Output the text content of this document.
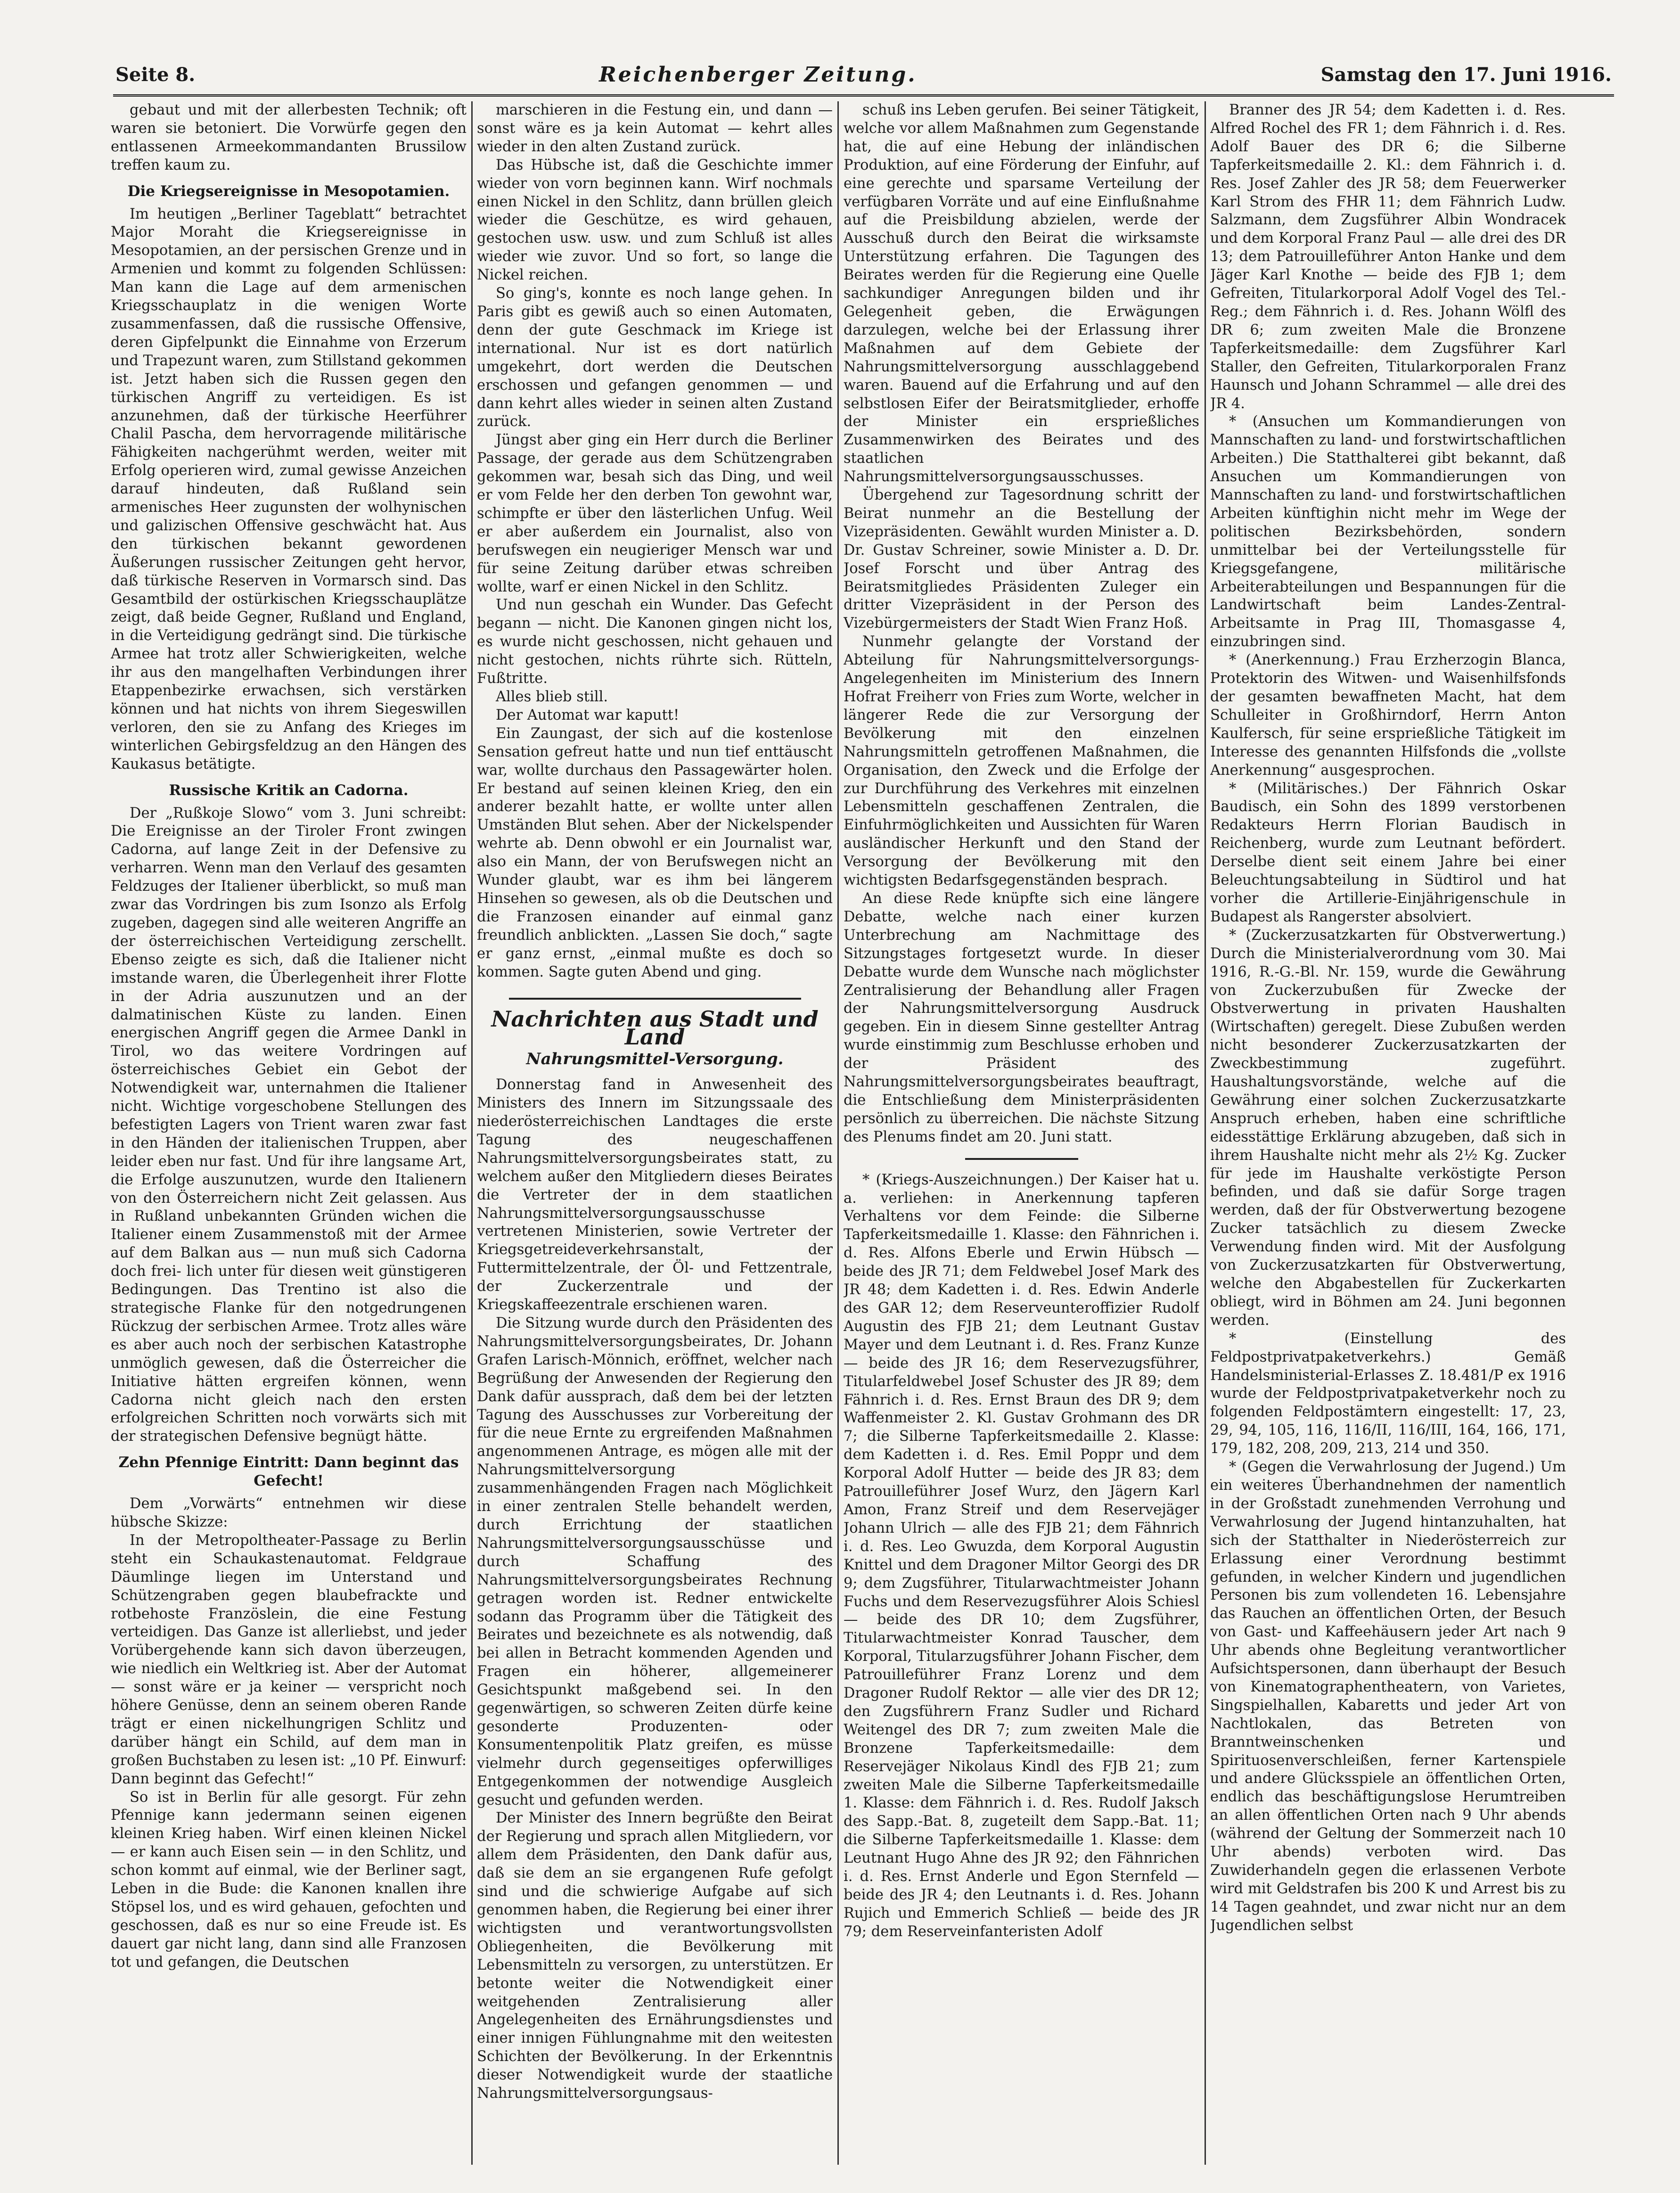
Seite 8.	Reichenberger Zeitung.	Samstag den 17. Juni 1916.

gebaut und mit der allerbesten Technik; oft waren sie betoniert. Die Vorwürfe gegen den entlassenen Armeekommandanten Brussilow treffen kaum zu.

Die Kriegsereignisse in Mesopotamien.

Im heutigen „Berliner Tageblatt“ betrachtet Major Moraht die Kriegsereignisse in Mesopotamien, an der persischen Grenze und in Armenien und kommt zu folgenden Schlüssen: Man kann die Lage auf dem armenischen Kriegsschauplatz in die wenigen Worte zusammenfassen, daß die russische Offensive, deren Gipfelpunkt die Einnahme von Erzerum und Trapezunt waren, zum Stillstand gekommen ist. Jetzt haben sich die Russen gegen den türkischen Angriff zu verteidigen. Es ist anzunehmen, daß der türkische Heerführer Chalil Pascha, dem hervorragende militärische Fähigkeiten nachgerühmt werden, weiter mit Erfolg operieren wird, zumal gewisse Anzeichen darauf hindeuten, daß Rußland sein armenisches Heer zugunsten der wolhynischen und galizischen Offensive geschwächt hat. Aus den türkischen bekannt gewordenen Äußerungen russischer Zeitungen geht hervor, daß türkische Reserven in Vormarsch sind. Das Gesamtbild der ostürkischen Kriegsschauplätze zeigt, daß beide Gegner, Rußland und England, in die Verteidigung gedrängt sind. Die türkische Armee hat trotz aller Schwierigkeiten, welche ihr aus den mangelhaften Verbindungen ihrer Etappenbezirke erwachsen, sich verstärken können und hat nichts von ihrem Siegeswillen verloren, den sie zu Anfang des Krieges im winterlichen Gebirgsfeldzug an den Hängen des Kaukasus betätigte.

Russische Kritik an Cadorna.

Der „Rußkoje Slowo“ vom 3. Juni schreibt: Die Ereignisse an der Tiroler Front zwingen Cadorna, auf lange Zeit in der Defensive zu verharren. Wenn man den Verlauf des gesamten Feldzuges der Italiener überblickt, so muß man zwar das Vordringen bis zum Isonzo als Erfolg zugeben, dagegen sind alle weiteren Angriffe an der österreichischen Verteidigung zerschellt. Ebenso zeigte es sich, daß die Italiener nicht imstande waren, die Überlegenheit ihrer Flotte in der Adria auszunutzen und an der dalmatinischen Küste zu landen. Einen energischen Angriff gegen die Armee Dankl in Tirol, wo das weitere Vordringen auf österreichisches Gebiet ein Gebot der Notwendigkeit war, unternahmen die Italiener nicht. Wichtige vorgeschobene Stellungen des befestigten Lagers von Trient waren zwar fast in den Händen der italienischen Truppen, aber leider eben nur fast. Und für ihre langsame Art, die Erfolge auszunutzen, wurde den Italienern von den Österreichern nicht Zeit gelassen. Aus in Rußland unbekannten Gründen wichen die Italiener einem Zusammenstoß mit der Armee auf dem Balkan aus — nun muß sich Cadorna doch frei- lich unter für diesen weit günstigeren Bedingungen. Das Trentino ist also die strategische Flanke für den notgedrungenen Rückzug der serbischen Armee. Trotz alles wäre es aber auch noch der serbischen Katastrophe unmöglich gewesen, daß die Österreicher die Initiative hätten ergreifen können, wenn Cadorna nicht gleich nach den ersten erfolgreichen Schritten noch vorwärts sich mit der strategischen Defensive begnügt hätte.

Zehn Pfennige Eintritt: Dann beginnt das Gefecht!

Dem „Vorwärts“ entnehmen wir diese hübsche Skizze:

In der Metropoltheater-Passage zu Berlin steht ein Schaukastenautomat. Feldgraue Däumlinge liegen im Unterstand und Schützengraben gegen blaubefrackte und rotbehoste Französlein, die eine Festung verteidigen. Das Ganze ist allerliebst, und jeder Vorübergehende kann sich davon überzeugen, wie niedlich ein Weltkrieg ist. Aber der Automat — sonst wäre er ja keiner — verspricht noch höhere Genüsse, denn an seinem oberen Rande trägt er einen nickelhungrigen Schlitz und darüber hängt ein Schild, auf dem man in großen Buchstaben zu lesen ist: „10 Pf. Einwurf: Dann beginnt das Gefecht!“

So ist in Berlin für alle gesorgt. Für zehn Pfennige kann jedermann seinen eigenen kleinen Krieg haben. Wirf einen kleinen Nickel — er kann auch Eisen sein — in den Schlitz, und schon kommt auf einmal, wie der Berliner sagt, Leben in die Bude: die Kanonen knallen ihre Stöpsel los, und es wird gehauen, gefochten und geschossen, daß es nur so eine Freude ist. Es dauert gar nicht lang, dann sind alle Franzosen tot und gefangen, die Deutschen

marschieren in die Festung ein, und dann — sonst wäre es ja kein Automat — kehrt alles wieder in den alten Zustand zurück.

Das Hübsche ist, daß die Geschichte immer wieder von vorn beginnen kann. Wirf nochmals einen Nickel in den Schlitz, dann brüllen gleich wieder die Geschütze, es wird gehauen, gestochen usw. usw. und zum Schluß ist alles wieder wie zuvor. Und so fort, so lange die Nickel reichen.

So ging's, konnte es noch lange gehen. In Paris gibt es gewiß auch so einen Automaten, denn der gute Geschmack im Kriege ist international. Nur ist es dort natürlich umgekehrt, dort werden die Deutschen erschossen und gefangen genommen — und dann kehrt alles wieder in seinen alten Zustand zurück.

Jüngst aber ging ein Herr durch die Berliner Passage, der gerade aus dem Schützengraben gekommen war, besah sich das Ding, und weil er vom Felde her den derben Ton gewohnt war, schimpfte er über den lästerlichen Unfug. Weil er aber außerdem ein Journalist, also von berufswegen ein neugieriger Mensch war und für seine Zeitung darüber etwas schreiben wollte, warf er einen Nickel in den Schlitz.

Und nun geschah ein Wunder. Das Gefecht begann — nicht. Die Kanonen gingen nicht los, es wurde nicht geschossen, nicht gehauen und nicht gestochen, nichts rührte sich. Rütteln, Fußtritte.

Alles blieb still.

Der Automat war kaputt!

Ein Zaungast, der sich auf die kostenlose Sensation gefreut hatte und nun tief enttäuscht war, wollte durchaus den Passagewärter holen. Er bestand auf seinen kleinen Krieg, den ein anderer bezahlt hatte, er wollte unter allen Umständen Blut sehen. Aber der Nickelspender wehrte ab. Denn obwohl er ein Journalist war, also ein Mann, der von Berufswegen nicht an Wunder glaubt, war es ihm bei längerem Hinsehen so gewesen, als ob die Deutschen und die Franzosen einander auf einmal ganz freundlich anblickten. „Lassen Sie doch,“ sagte er ganz ernst, „einmal mußte es doch so kommen. Sagte guten Abend und ging.

Nachrichten aus Stadt und Land
Nahrungsmittel-Versorgung.

Donnerstag fand in Anwesenheit des Ministers des Innern im Sitzungssaale des niederösterreichischen Landtages die erste Tagung des neugeschaffenen Nahrungsmittelversorgungsbeirates statt, zu welchem außer den Mitgliedern dieses Beirates die Vertreter der in dem staatlichen Nahrungsmittelversorgungsausschusse vertretenen Ministerien, sowie Vertreter der Kriegsgetreideverkehrsanstalt, der Futtermittelzentrale, der Öl- und Fettzentrale, der Zuckerzentrale und der Kriegskaffeezentrale erschienen waren.

Die Sitzung wurde durch den Präsidenten des Nahrungsmittelversorgungsbeirates, Dr. Johann Grafen Larisch-Mönnich, eröffnet, welcher nach Begrüßung der Anwesenden der Regierung den Dank dafür aussprach, daß dem bei der letzten Tagung des Ausschusses zur Vorbereitung der für die neue Ernte zu ergreifenden Maßnahmen angenommenen Antrage, es mögen alle mit der Nahrungsmittelversorgung zusammenhängenden Fragen nach Möglichkeit in einer zentralen Stelle behandelt werden, durch Errichtung der staatlichen Nahrungsmittelversorgungsausschüsse und durch Schaffung des Nahrungsmittelversorgungsbeirates Rechnung getragen worden ist. Redner entwickelte sodann das Programm über die Tätigkeit des Beirates und bezeichnete es als notwendig, daß bei allen in Betracht kommenden Agenden und Fragen ein höherer, allgemeinerer Gesichtspunkt maßgebend sei. In den gegenwärtigen, so schweren Zeiten dürfe keine gesonderte Produzenten- oder Konsumentenpolitik Platz greifen, es müsse vielmehr durch gegenseitiges opferwilliges Entgegenkommen der notwendige Ausgleich gesucht und gefunden werden.

Der Minister des Innern begrüßte den Beirat der Regierung und sprach allen Mitgliedern, vor allem dem Präsidenten, den Dank dafür aus, daß sie dem an sie ergangenen Rufe gefolgt sind und die schwierige Aufgabe auf sich genommen haben, die Regierung bei einer ihrer wichtigsten und verantwortungsvollsten Obliegenheiten, die Bevölkerung mit Lebensmitteln zu versorgen, zu unterstützen. Er betonte weiter die Notwendigkeit einer weitgehenden Zentralisierung aller Angelegenheiten des Ernährungsdienstes und einer innigen Fühlungnahme mit den weitesten Schichten der Bevölkerung. In der Erkenntnis dieser Notwendigkeit wurde der staatliche Nahrungsmittelversorgungsaus-

schuß ins Leben gerufen. Bei seiner Tätigkeit, welche vor allem Maßnahmen zum Gegenstande hat, die auf eine Hebung der inländischen Produktion, auf eine Förderung der Einfuhr, auf eine gerechte und sparsame Verteilung der verfügbaren Vorräte und auf eine Einflußnahme auf die Preisbildung abzielen, werde der Ausschuß durch den Beirat die wirksamste Unterstützung erfahren. Die Tagungen des Beirates werden für die Regierung eine Quelle sachkundiger Anregungen bilden und ihr Gelegenheit geben, die Erwägungen darzulegen, welche bei der Erlassung ihrer Maßnahmen auf dem Gebiete der Nahrungsmittelversorgung ausschlaggebend waren. Bauend auf die Erfahrung und auf den selbstlosen Eifer der Beiratsmitglieder, erhoffe der Minister ein ersprießliches Zusammenwirken des Beirates und des staatlichen Nahrungsmittelversorgungsausschusses.

Übergehend zur Tagesordnung schritt der Beirat nunmehr an die Bestellung der Vizepräsidenten. Gewählt wurden Minister a. D. Dr. Gustav Schreiner, sowie Minister a. D. Dr. Josef Forscht und über Antrag des Beiratsmitgliedes Präsidenten Zuleger ein dritter Vizepräsident in der Person des Vizebürgermeisters der Stadt Wien Franz Hoß.

Nunmehr gelangte der Vorstand der Abteilung für Nahrungsmittelversorgungs-Angelegenheiten im Ministerium des Innern Hofrat Freiherr von Fries zum Worte, welcher in längerer Rede die zur Versorgung der Bevölkerung mit den einzelnen Nahrungsmitteln getroffenen Maßnahmen, die Organisation, den Zweck und die Erfolge der zur Durchführung des Verkehres mit einzelnen Lebensmitteln geschaffenen Zentralen, die Einfuhrmöglichkeiten und Aussichten für Waren ausländischer Herkunft und den Stand der Versorgung der Bevölkerung mit den wichtigsten Bedarfsgegenständen besprach.

An diese Rede knüpfte sich eine längere Debatte, welche nach einer kurzen Unterbrechung am Nachmittage des Sitzungstages fortgesetzt wurde. In dieser Debatte wurde dem Wunsche nach möglichster Zentralisierung der Behandlung aller Fragen der Nahrungsmittelversorgung Ausdruck gegeben. Ein in diesem Sinne gestellter Antrag wurde einstimmig zum Beschlusse erhoben und der Präsident des Nahrungsmittelversorgungsbeirates beauftragt, die Entschließung dem Ministerpräsidenten persönlich zu überreichen. Die nächste Sitzung des Plenums findet am 20. Juni statt.

* (Kriegs-Auszeichnungen.) Der Kaiser hat u. a. verliehen: in Anerkennung tapferen Verhaltens vor dem Feinde: die Silberne Tapferkeitsmedaille 1. Klasse: den Fähnrichen i. d. Res. Alfons Eberle und Erwin Hübsch — beide des JR 71; dem Feldwebel Josef Mark des JR 48; dem Kadetten i. d. Res. Edwin Anderle des GAR 12; dem Reserveunteroffizier Rudolf Augustin des FJB 21; dem Leutnant Gustav Mayer und dem Leutnant i. d. Res. Franz Kunze — beide des JR 16; dem Reservezugsführer, Titularfeldwebel Josef Schuster des JR 89; dem Fähnrich i. d. Res. Ernst Braun des DR 9; dem Waffenmeister 2. Kl. Gustav Grohmann des DR 7; die Silberne Tapferkeitsmedaille 2. Klasse: dem Kadetten i. d. Res. Emil Poppr und dem Korporal Adolf Hutter — beide des JR 83; dem Patrouilleführer Josef Wurz, den Jägern Karl Amon, Franz Streif und dem Reservejäger Johann Ulrich — alle des FJB 21; dem Fähnrich i. d. Res. Leo Gwuzda, dem Korporal Augustin Knittel und dem Dragoner Miltor Georgi des DR 9; dem Zugsführer, Titularwachtmeister Johann Fuchs und dem Reservezugsführer Alois Schiesl — beide des DR 10; dem Zugsführer, Titularwachtmeister Konrad Tauscher, dem Korporal, Titularzugsführer Johann Fischer, dem Patrouilleführer Franz Lorenz und dem Dragoner Rudolf Rektor — alle vier des DR 12; den Zugsführern Franz Sudler und Richard Weitengel des DR 7; zum zweiten Male die Bronzene Tapferkeitsmedaille: dem Reservejäger Nikolaus Kindl des FJB 21; zum zweiten Male die Silberne Tapferkeitsmedaille 1. Klasse: dem Fähnrich i. d. Res. Rudolf Jaksch des Sapp.-Bat. 8, zugeteilt dem Sapp.-Bat. 11; die Silberne Tapferkeitsmedaille 1. Klasse: dem Leutnant Hugo Ahne des JR 92; den Fähnrichen i. d. Res. Ernst Anderle und Egon Sternfeld — beide des JR 4; den Leutnants i. d. Res. Johann Rujich und Emmerich Schließ — beide des JR 79; dem Reserveinfanteristen Adolf

Branner des JR 54; dem Kadetten i. d. Res. Alfred Rochel des FR 1; dem Fähnrich i. d. Res. Adolf Bauer des DR 6; die Silberne Tapferkeitsmedaille 2. Kl.: dem Fähnrich i. d. Res. Josef Zahler des JR 58; dem Feuerwerker Karl Strom des FHR 11; dem Fähnrich Ludw. Salzmann, dem Zugsführer Albin Wondracek und dem Korporal Franz Paul — alle drei des DR 13; dem Patrouilleführer Anton Hanke und dem Jäger Karl Knothe — beide des FJB 1; dem Gefreiten, Titularkorporal Adolf Vogel des Tel.-Reg.; dem Fähnrich i. d. Res. Johann Wölfl des DR 6; zum zweiten Male die Bronzene Tapferkeitsmedaille: dem Zugsführer Karl Staller, den Gefreiten, Titularkorporalen Franz Haunsch und Johann Schrammel — alle drei des JR 4.

* (Ansuchen um Kommandierungen von Mannschaften zu land- und forstwirtschaftlichen Arbeiten.) Die Statthalterei gibt bekannt, daß Ansuchen um Kommandierungen von Mannschaften zu land- und forstwirtschaftlichen Arbeiten künftighin nicht mehr im Wege der politischen Bezirksbehörden, sondern unmittelbar bei der Verteilungsstelle für Kriegsgefangene, militärische Arbeiterabteilungen und Bespannungen für die Landwirtschaft beim Landes-Zentral-Arbeitsamte in Prag III, Thomasgasse 4, einzubringen sind.

* (Anerkennung.) Frau Erzherzogin Blanca, Protektorin des Witwen- und Waisenhilfsfonds der gesamten bewaffneten Macht, hat dem Schulleiter in Großhirndorf, Herrn Anton Kaulfersch, für seine ersprießliche Tätigkeit im Interesse des genannten Hilfsfonds die „vollste Anerkennung“ ausgesprochen.

* (Militärisches.) Der Fähnrich Oskar Baudisch, ein Sohn des 1899 verstorbenen Redakteurs Herrn Florian Baudisch in Reichenberg, wurde zum Leutnant befördert. Derselbe dient seit einem Jahre bei einer Beleuchtungsabteilung in Südtirol und hat vorher die Artillerie-Einjährigenschule in Budapest als Rangerster absolviert.

* (Zuckerzusatzkarten für Obstverwertung.) Durch die Ministerialverordnung vom 30. Mai 1916, R.-G.-Bl. Nr. 159, wurde die Gewährung von Zuckerzubußen für Zwecke der Obstverwertung in privaten Haushalten (Wirtschaften) geregelt. Diese Zubußen werden nicht besonderer Zuckerzusatzkarten der Zweckbestimmung zugeführt. Haushaltungsvorstände, welche auf die Gewährung einer solchen Zuckerzusatzkarte Anspruch erheben, haben eine schriftliche eidesstättige Erklärung abzugeben, daß sich in ihrem Haushalte nicht mehr als 2½ Kg. Zucker für jede im Haushalte verköstigte Person befinden, und daß sie dafür Sorge tragen werden, daß der für Obstverwertung bezogene Zucker tatsächlich zu diesem Zwecke Verwendung finden wird. Mit der Ausfolgung von Zuckerzusatzkarten für Obstverwertung, welche den Abgabestellen für Zuckerkarten obliegt, wird in Böhmen am 24. Juni begonnen werden.

* (Einstellung des Feldpostprivatpaketverkehrs.) Gemäß Handelsministerial-Erlasses Z. 18.481/P ex 1916 wurde der Feldpostprivatpaketverkehr noch zu folgenden Feldpostämtern eingestellt: 17, 23, 29, 94, 105, 116, 116/II, 116/III, 164, 166, 171, 179, 182, 208, 209, 213, 214 und 350.

* (Gegen die Verwahrlosung der Jugend.) Um ein weiteres Überhandnehmen der namentlich in der Großstadt zunehmenden Verrohung und Verwahrlosung der Jugend hintanzuhalten, hat sich der Statthalter in Niederösterreich zur Erlassung einer Verordnung bestimmt gefunden, in welcher Kindern und jugendlichen Personen bis zum vollendeten 16. Lebensjahre das Rauchen an öffentlichen Orten, der Besuch von Gast- und Kaffeehäusern jeder Art nach 9 Uhr abends ohne Begleitung verantwortlicher Aufsichtspersonen, dann überhaupt der Besuch von Kinematographentheatern, von Varietes, Singspielhallen, Kabaretts und jeder Art von Nachtlokalen, das Betreten von Branntweinschenken und Spirituosenverschleißen, ferner Kartenspiele und andere Glücksspiele an öffentlichen Orten, endlich das beschäftigungslose Herumtreiben an allen öffentlichen Orten nach 9 Uhr abends (während der Geltung der Sommerzeit nach 10 Uhr abends) verboten wird. Das Zuwiderhandeln gegen die erlassenen Verbote wird mit Geldstrafen bis 200 K und Arrest bis zu 14 Tagen geahndet, und zwar nicht nur an dem Jugendlichen selbst
